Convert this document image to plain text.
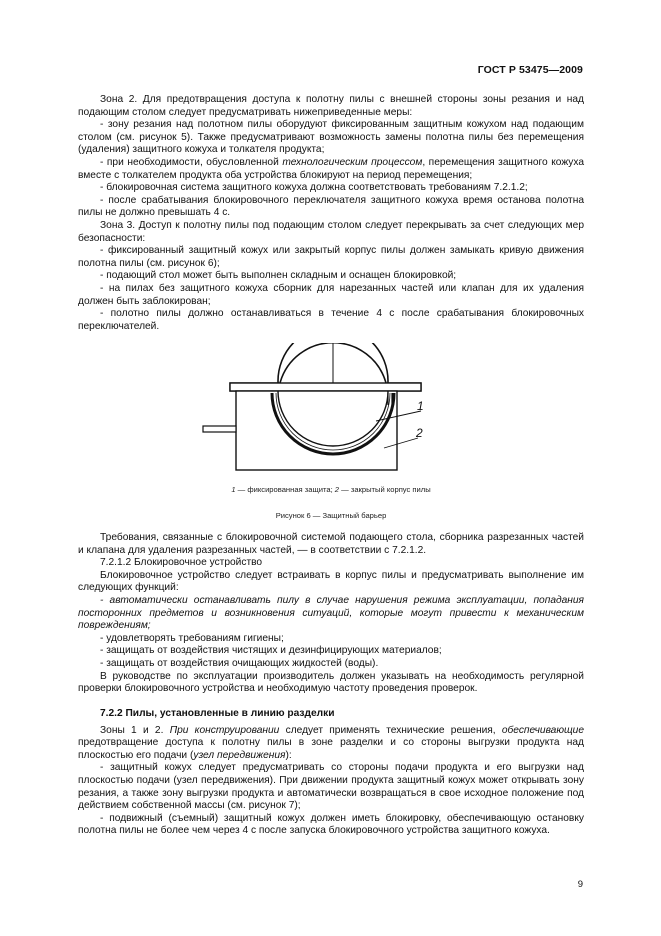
ГОСТ Р 53475—2009

Зона 2. Для предотвращения доступа к полотну пилы с внешней стороны зоны резания и над подающим столом следует предусматривать нижеприведенные меры:

- зону резания над полотном пилы оборудуют фиксированным защитным кожухом над подающим столом (см. рисунок 5). Также предусматривают возможность замены полотна пилы без перемещения (удаления) защитного кожуха и толкателя продукта;

- при необходимости, обусловленной технологическим процессом, перемещения защитного кожуха вместе с толкателем продукта оба устройства блокируют на период перемещения;

- блокировочная система защитного кожуха должна соответствовать требованиям 7.2.1.2;

- после срабатывания блокировочного переключателя защитного кожуха время останова полотна пилы не должно превышать 4 с.

Зона 3. Доступ к полотну пилы под подающим столом следует перекрывать за счет следующих мер безопасности:

- фиксированный защитный кожух или закрытый корпус пилы должен замыкать кривую движения полотна пилы (см. рисунок 6);

- подающий стол может быть выполнен складным и оснащен блокировкой;

- на пилах без защитного кожуха сборник для нарезанных частей или клапан для их удаления должен быть заблокирован;

- полотно пилы должно останавливаться в течение 4 с после срабатывания блокировочных переключателей.

1
2
1 — фиксированная защита; 2 — закрытый корпус пилы
Рисунок 6 — Защитный барьер

Требования, связанные с блокировочной системой подающего стола, сборника разрезанных частей и клапана для удаления разрезанных частей, — в соответствии с 7.2.1.2.

7.2.1.2 Блокировочное устройство

Блокировочное устройство следует встраивать в корпус пилы и предусматривать выполнение им следующих функций:

- автоматически останавливать пилу в случае нарушения режима эксплуатации, попадания посторонних предметов и возникновения ситуаций, которые могут привести к механическим повреждениям;

- удовлетворять требованиям гигиены;

- защищать от воздействия чистящих и дезинфицирующих материалов;

- защищать от воздействия очищающих жидкостей (воды).

В руководстве по эксплуатации производитель должен указывать на необходимость регулярной проверки блокировочного устройства и необходимую частоту проведения проверок.

7.2.2 Пилы, установленные в линию разделки

Зоны 1 и 2. При конструировании следует применять технические решения, обеспечивающие предотвращение доступа к полотну пилы в зоне разделки и со стороны выгрузки продукта над плоскостью его подачи (узел передвижения):

- защитный кожух следует предусматривать со стороны подачи продукта и его выгрузки над плоскостью подачи (узел передвижения). При движении продукта защитный кожух может открывать зону резания, а также зону выгрузки продукта и автоматически возвращаться в свое исходное положение под действием собственной массы (см. рисунок 7);

- подвижный (съемный) защитный кожух должен иметь блокировку, обеспечивающую остановку полотна пилы не более чем через 4 с после запуска блокировочного устройства защитного кожуха.

9
